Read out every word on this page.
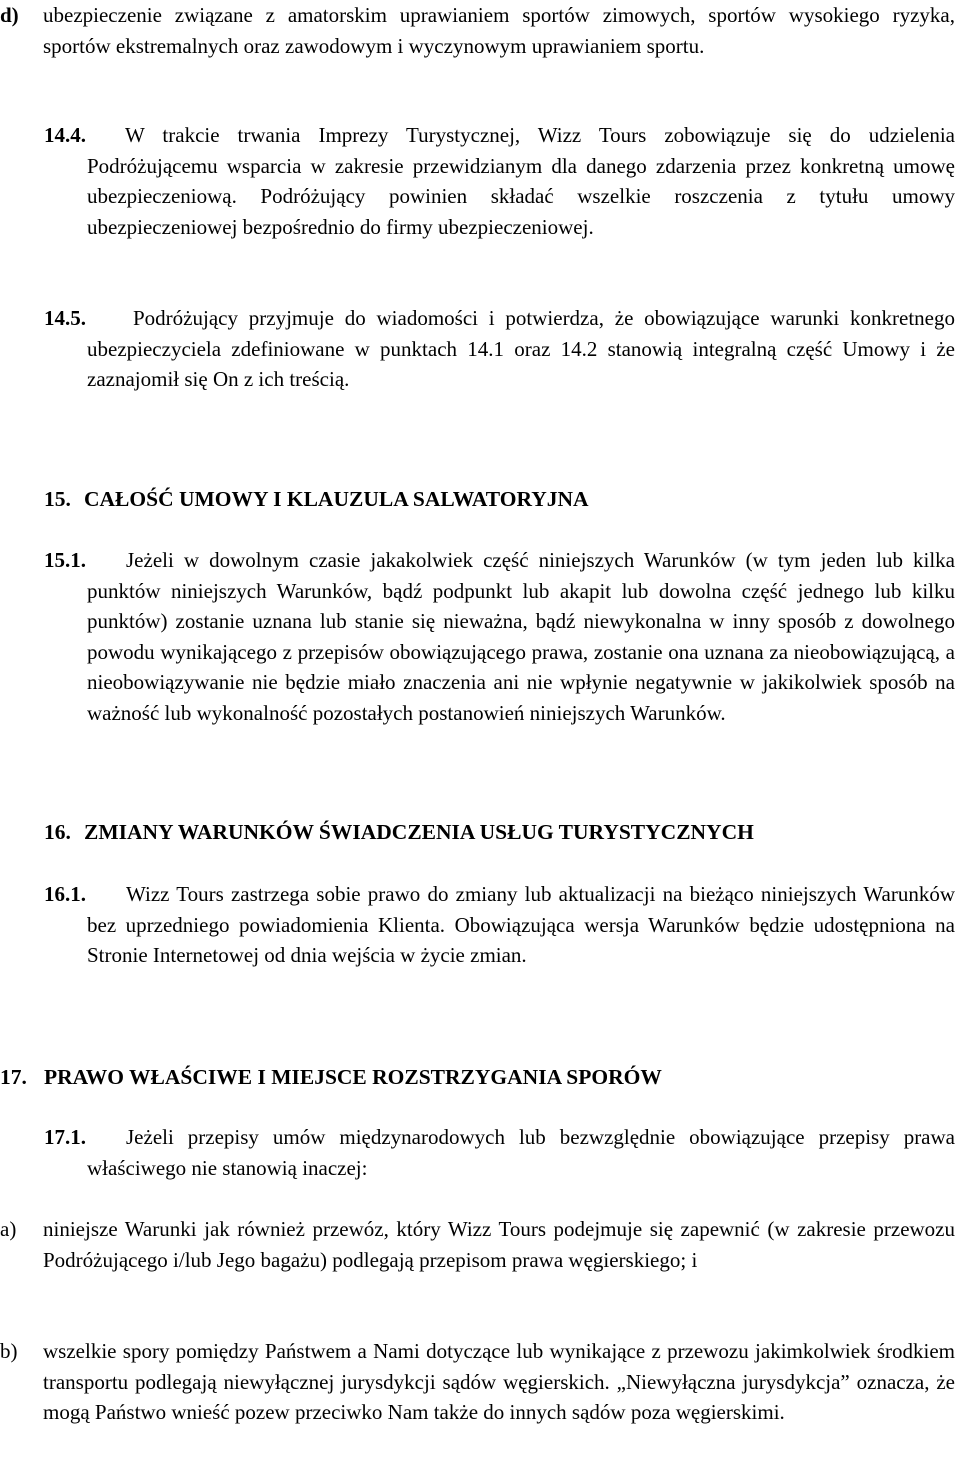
d) ubezpieczenie związane z amatorskim uprawianiem sportów zimowych, sportów wysokiego ryzyka, sportów ekstremalnych oraz zawodowym i wyczynowym uprawianiem sportu.
14.4. W trakcie trwania Imprezy Turystycznej, Wizz Tours zobowiązuje się do udzielenia Podróżującemu wsparcia w zakresie przewidzianym dla danego zdarzenia przez konkretną umowę ubezpieczeniową. Podróżujący powinien składać wszelkie roszczenia z tytułu umowy ubezpieczeniowej bezpośrednio do firmy ubezpieczeniowej.
14.5. Podróżujący przyjmuje do wiadomości i potwierdza, że obowiązujące warunki konkretnego ubezpieczyciela zdefiniowane w punktach 14.1 oraz 14.2 stanowią integralną część Umowy i że zaznajomił się On z ich treścią.
15. CAŁOŚĆ UMOWY I KLAUZULA SALWATORYJNA
15.1. Jeżeli w dowolnym czasie jakakolwiek część niniejszych Warunków (w tym jeden lub kilka punktów niniejszych Warunków, bądź podpunkt lub akapit lub dowolna część jednego lub kilku punktów) zostanie uznana lub stanie się nieważna, bądź niewykonalna w inny sposób z dowolnego powodu wynikającego z przepisów obowiązującego prawa, zostanie ona uznana za nieobowiązującą, a nieobowiązywanie nie będzie miało znaczenia ani nie wpłynie negatywnie w jakikolwiek sposób na ważność lub wykonalność pozostałych postanowień niniejszych Warunków.
16. ZMIANY WARUNKÓW ŚWIADCZENIA USŁUG TURYSTYCZNYCH
16.1. Wizz Tours zastrzega sobie prawo do zmiany lub aktualizacji na bieżąco niniejszych Warunków bez uprzedniego powiadomienia Klienta. Obowiązująca wersja Warunków będzie udostępniona na Stronie Internetowej od dnia wejścia w życie zmian.
17. PRAWO WŁAŚCIWE I MIEJSCE ROZSTRZYGANIA SPORÓW
17.1. Jeżeli przepisy umów międzynarodowych lub bezwzględnie obowiązujące przepisy prawa właściwego nie stanowią inaczej:
a) niniejsze Warunki jak również przewóz, który Wizz Tours podejmuje się zapewnić (w zakresie przewozu Podróżującego i/lub Jego bagażu) podlegają przepisom prawa węgierskiego; i
b) wszelkie spory pomiędzy Państwem a Nami dotyczące lub wynikające z przewozu jakimkolwiek środkiem transportu podlegają niewyłącznej jurysdykcji sądów węgierskich. „Niewyłączna jurysdykcja” oznacza, że mogą Państwo wnieść pozew przeciwko Nam także do innych sądów poza węgierskimi.
